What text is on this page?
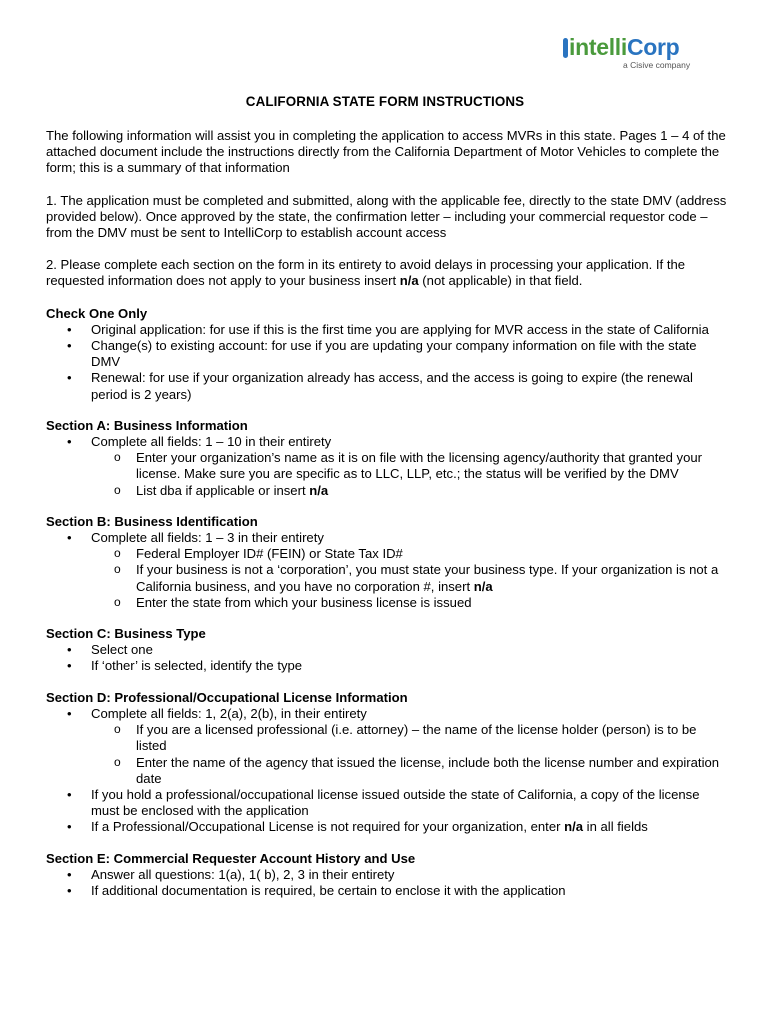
intelliCorp
a Cisive company
CALIFORNIA STATE FORM INSTRUCTIONS

The following information will assist you in completing the application to access MVRs in this state. Pages 1 – 4 of the attached document include the instructions directly from the California Department of Motor Vehicles to complete the form; this is a summary of that information

1. The application must be completed and submitted, along with the applicable fee, directly to the state DMV (address provided below). Once approved by the state, the confirmation letter – including your commercial requestor code – from the DMV must be sent to IntelliCorp to establish account access

2. Please complete each section on the form in its entirety to avoid delays in processing your application. If the requested information does not apply to your business insert n/a (not applicable) in that field.

Check One Only
• Original application: for use if this is the first time you are applying for MVR access in the state of California
• Change(s) to existing account: for use if you are updating your company information on file with the state DMV
• Renewal: for use if your organization already has access, and the access is going to expire (the renewal period is 2 years)
Section A: Business Information
• Complete all fields: 1 – 10 in their entirety
o Enter your organization’s name as it is on file with the licensing agency/authority that granted your license. Make sure you are specific as to LLC, LLP, etc.; the status will be verified by the DMV
o List dba if applicable or insert n/a
Section B: Business Identification
• Complete all fields: 1 – 3 in their entirety
o Federal Employer ID# (FEIN) or State Tax ID#
o If your business is not a ‘corporation’, you must state your business type. If your organization is not a California business, and you have no corporation #, insert n/a
o Enter the state from which your business license is issued
Section C: Business Type
• Select one
• If ‘other’ is selected, identify the type
Section D: Professional/Occupational License Information
• Complete all fields: 1, 2(a), 2(b), in their entirety
o If you are a licensed professional (i.e. attorney) – the name of the license holder (person) is to be listed
o Enter the name of the agency that issued the license, include both the license number and expiration date
• If you hold a professional/occupational license issued outside the state of California, a copy of the license must be enclosed with the application
• If a Professional/Occupational License is not required for your organization, enter n/a in all fields
Section E: Commercial Requester Account History and Use
• Answer all questions: 1(a), 1( b), 2, 3 in their entirety
• If additional documentation is required, be certain to enclose it with the application
